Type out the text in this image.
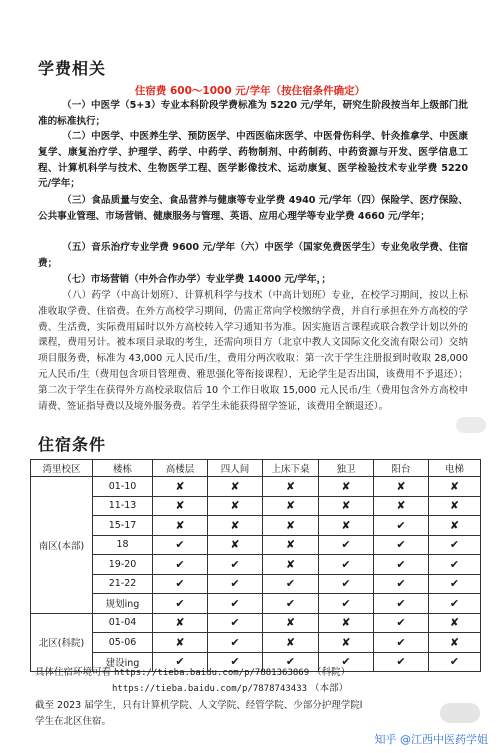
学费相关
住宿费 600～1000 元/学年（按住宿条件确定）
（一）中医学（5+3）专业本科阶段学费标准为 5220 元/学年，研究生阶段按当年上级部门批准的标准执行；
（二）中医学、中医养生学、预防医学、中西医临床医学、中医骨伤科学、针灸推拿学、中医康复学、康复治疗学、护理学、药学、中药学、药物制剂、中药制药、中药资源与开发、医学信息工程、计算机科学与技术、生物医学工程、医学影像技术、运动康复、医学检验技术专业学费 5220 元/学年；
（三）食品质量与安全、食品营养与健康等专业学费 4940 元/学年（四）保险学、医疗保险、公共事业管理、市场营销、健康服务与管理、英语、应用心理学等专业学费 4660 元/学年；
（五）音乐治疗专业学费 9600 元/学年（六）中医学（国家免费医学生）专业免收学费、住宿费；
（七）市场营销（中外合作办学）专业学费 14000 元/学年，；
（八）药学（中高计划班）、计算机科学与技术（中高计划班）专业，在校学习期间，按以上标准收取学费、住宿费。在外方高校学习期间，仍需正常向学校缴纳学费，并自行承担在外方高校的学费、生活费，实际费用届时以外方高校转入学习通知书为准。因实施语言课程或联合教学计划以外的课程，费用另计。被本项目录取的考生，还需向项目方（北京中教人文国际文化交流有限公司）交纳项目服务费，标准为 43,000 元人民币/生，费用分两次收取：第一次于学生注册报到时收取 28,000 元人民币/生（费用包含项目管理费、雅思强化等衔接课程），无论学生是否出国，该费用不予退还）；第二次于学生在获得外方高校录取信后 10 个工作日收取 15,000 元人民币/生（费用包含外方高校申请费、签证指导费以及境外服务费。若学生未能获得留学签证，该费用全额退还）。
住宿条件
湾里校区	楼栋	高楼层	四人间	上床下桌	独卫	阳台	电梯
南区(本部)	01-10	✘	✘	✘	✘	✘	✘
	11-13	✘	✘	✘	✘	✘	✘
	15-17	✘	✘	✘	✘	✔	✘
	18	✔	✘	✘	✔	✔	✔
	19-20	✔	✔	✘	✔	✔	✔
	21-22	✔	✔	✔	✔	✔	✔
	规划ing	✔	✔	✔	✔	✔	✔
北区(科院)	01-04	✘	✔	✘	✘	✔	✘
	05-06	✘	✔	✘	✘	✔	✘
	建设ing	✔	✔	✔	✔	✔	✔
具体住宿环境可看 https://tieba.baidu.com/p/7881363869 （科院）
https://tieba.baidu.com/p/7878743433 （本部）
截至 2023 届学生，只有计算机学院、人文学院、经管学院、少部分护理学院l
学生在北区住宿。
知乎 @江西中医药学姐
